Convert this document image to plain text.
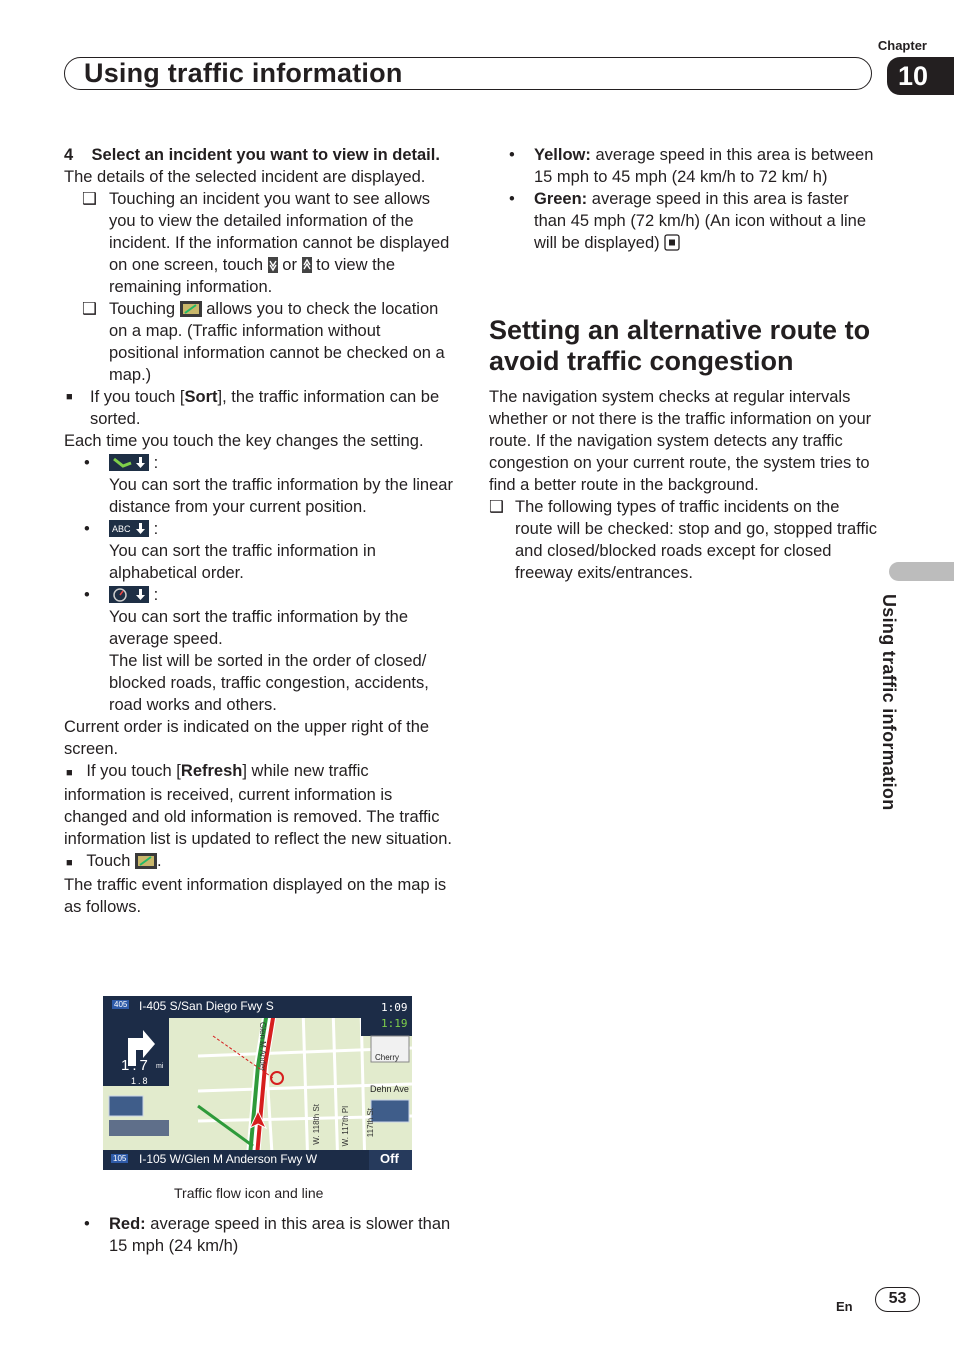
Chapter
Using traffic information	10
Using traffic information

4 Select an incident you want to view in detail.

The details of the selected incident are displayed.

❑ Touching an incident you want to see allows you to view the detailed information of the incident. If the information cannot be displayed on one screen, touch or to view the remaining information.

❑ Touching allows you to check the location on a map. (Traffic information without positional information cannot be checked on a map.)

■ If you touch [Sort], the traffic information can be sorted.

Each time you touch the key changes the setting.

•	:
You can sort the traffic information by the linear distance from your current position.

• ABC :
You can sort the traffic information in alphabetical order.

•	:
You can sort the traffic information by the average speed.
The list will be sorted in the order of closed/ blocked roads, traffic congestion, accidents, road works and others.

Current order is indicated on the upper right of the screen.

■ If you touch [Refresh] while new traffic information is received, current information is changed and old information is removed. The traffic information list is updated to reflect the new situation.

■ Touch .

The traffic event information displayed on the map is as follows.

405 I-405 S/San Diego Fwy S	1:09
1:19
Cherry
Dehn Ave
1.7 mi
1.8
Glen M Ander
W. 118th St	W. 117th Pl 117th St
105 I-105 W/Glen M Anderson Fwy W	Off
Traffic flow icon and line

• Red: average speed in this area is slower than 15 mph (24 km/h)

• Yellow: average speed in this area is between 15 mph to 45 mph (24 km/h to 72 km/ h)

• Green: average speed in this area is faster than 45 mph (72 km/h) (An icon without a line will be displayed)

Setting an alternative route to avoid traffic congestion

The navigation system checks at regular intervals whether or not there is the traffic information on your route. If the navigation system detects any traffic congestion on your current route, the system tries to find a better route in the background.

❑ The following types of traffic incidents on the route will be checked: stop and go, stopped traffic and closed/blocked roads except for closed freeway exits/entrances.

En	53
